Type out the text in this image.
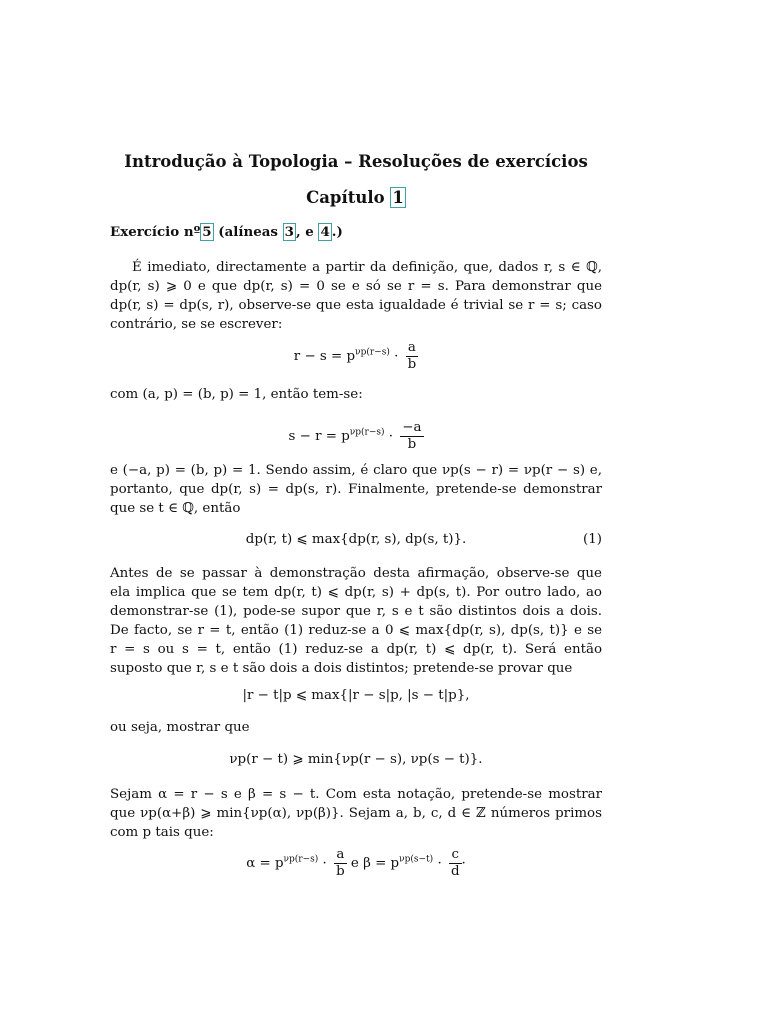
Introdução à Topologia – Resoluções de exercícios
Capítulo 1
Exercício nº 5 (alíneas 3 , e 4 .)
É imediato, directamente a partir da definição, que, dados r, s ∈ ℚ,
dp(r, s) ⩾ 0 e que dp(r, s) = 0 se e só se r = s. Para demonstrar que
dp(r, s) = dp(s, r), observe-se que esta igualdade é trivial se r = s; caso
contrário, se se escrever:
$r - s = p^{\nu p(r-s)} \cdot \frac{a}{b}$
com (a, p) = (b, p) = 1, então tem-se:
$s - r = p^{\nu p(r-s)} \cdot \frac{-a}{b}$
e (−a, p) = (b, p) = 1. Sendo assim, é claro que νp(s − r) = νp(r − s) e,
portanto, que dp(r, s) = dp(s, r). Finalmente, pretende-se demonstrar
que se t ∈ ℚ, então
dp(r, t) ⩽ max{dp(r, s), dp(s, t)}.	(1)
Antes de se passar à demonstração desta afirmação, observe-se que
ela implica que se tem dp(r, t) ⩽ dp(r, s) + dp(s, t). Por outro lado, ao
demonstrar-se (1), pode-se supor que r, s e t são distintos dois a dois.
De facto, se r = t, então (1) reduz-se a 0 ⩽ max{dp(r, s), dp(s, t)} e se
r = s ou s = t, então (1) reduz-se a dp(r, t) ⩽ dp(r, t). Será então
suposto que r, s e t são dois a dois distintos; pretende-se provar que
|r − t|p ⩽ max{|r − s|p, |s − t|p},
ou seja, mostrar que
νp(r − t) ⩾ min{νp(r − s), νp(s − t)}.
Sejam α = r − s e β = s − t. Com esta notação, pretende-se mostrar
que νp(α+β) ⩾ min{νp(α), νp(β)}. Sejam a, b, c, d ∈ ℤ números primos
com p tais que:
$\alpha = p^{\nu p(r-s)} \cdot \frac{a}{b}$ e $\beta = p^{\nu p(s-t)} \cdot \frac{c}{d}$ ·
